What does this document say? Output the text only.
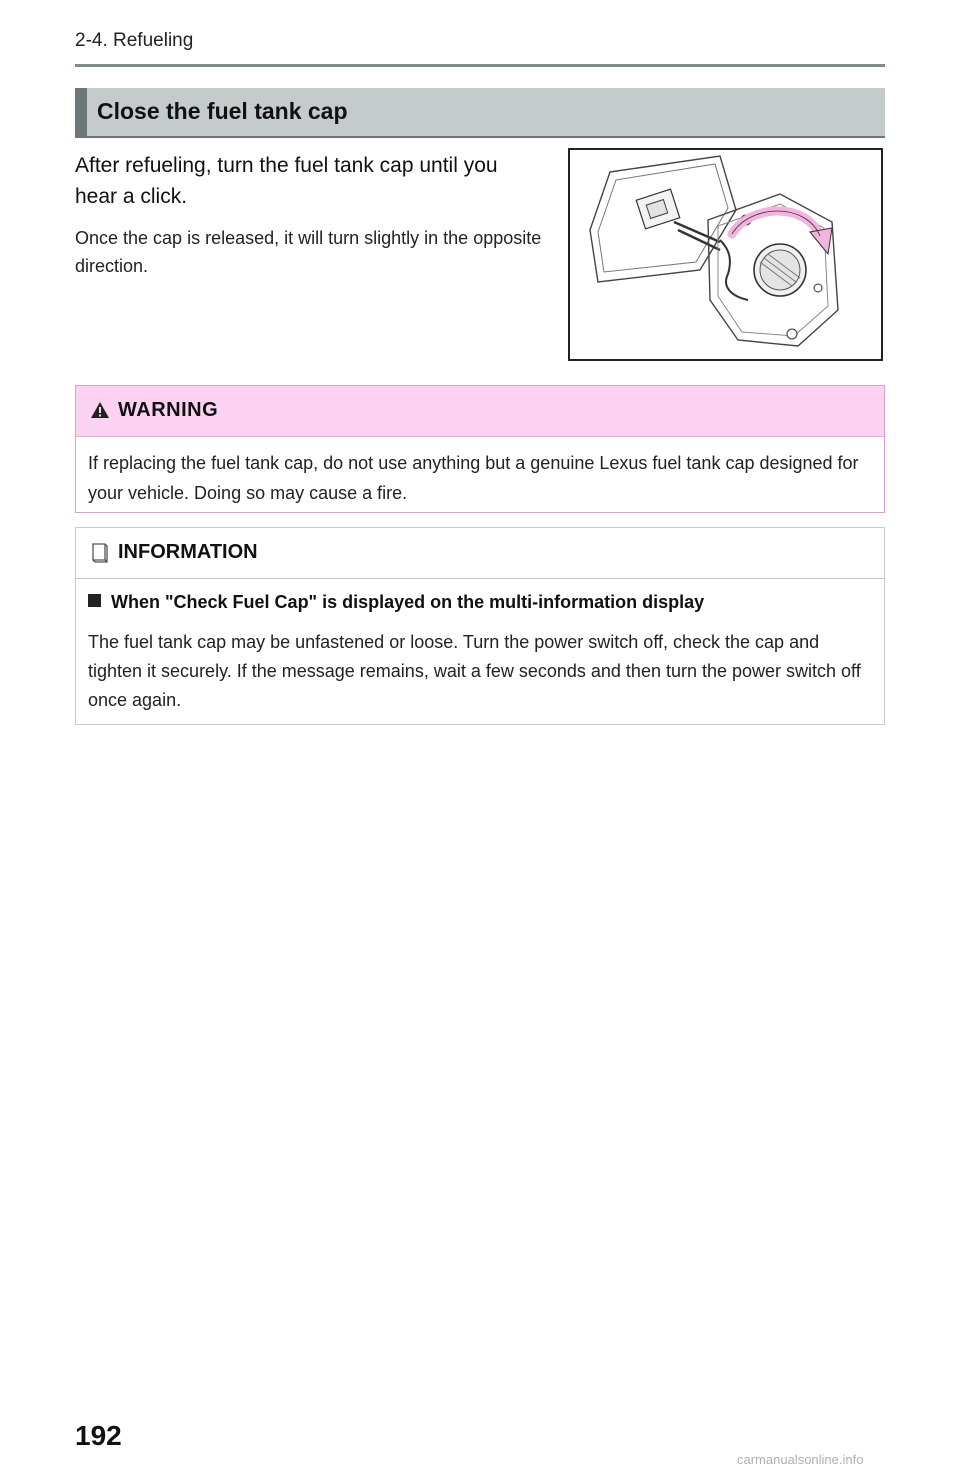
2-4. Refueling
Close the fuel tank cap
After refueling, turn the fuel tank cap until you hear a click.
Once the cap is released, it will turn slightly in the opposite direction.
WARNING
If replacing the fuel tank cap, do not use anything but a genuine Lexus fuel tank cap designed for your vehicle. Doing so may cause a fire.
INFORMATION
When "Check Fuel Cap" is displayed on the multi-information display
The fuel tank cap may be unfastened or loose. Turn the power switch off, check the cap and tighten it securely. If the message remains, wait a few seconds and then turn the power switch off once again.
192
carmanualsonline.info
